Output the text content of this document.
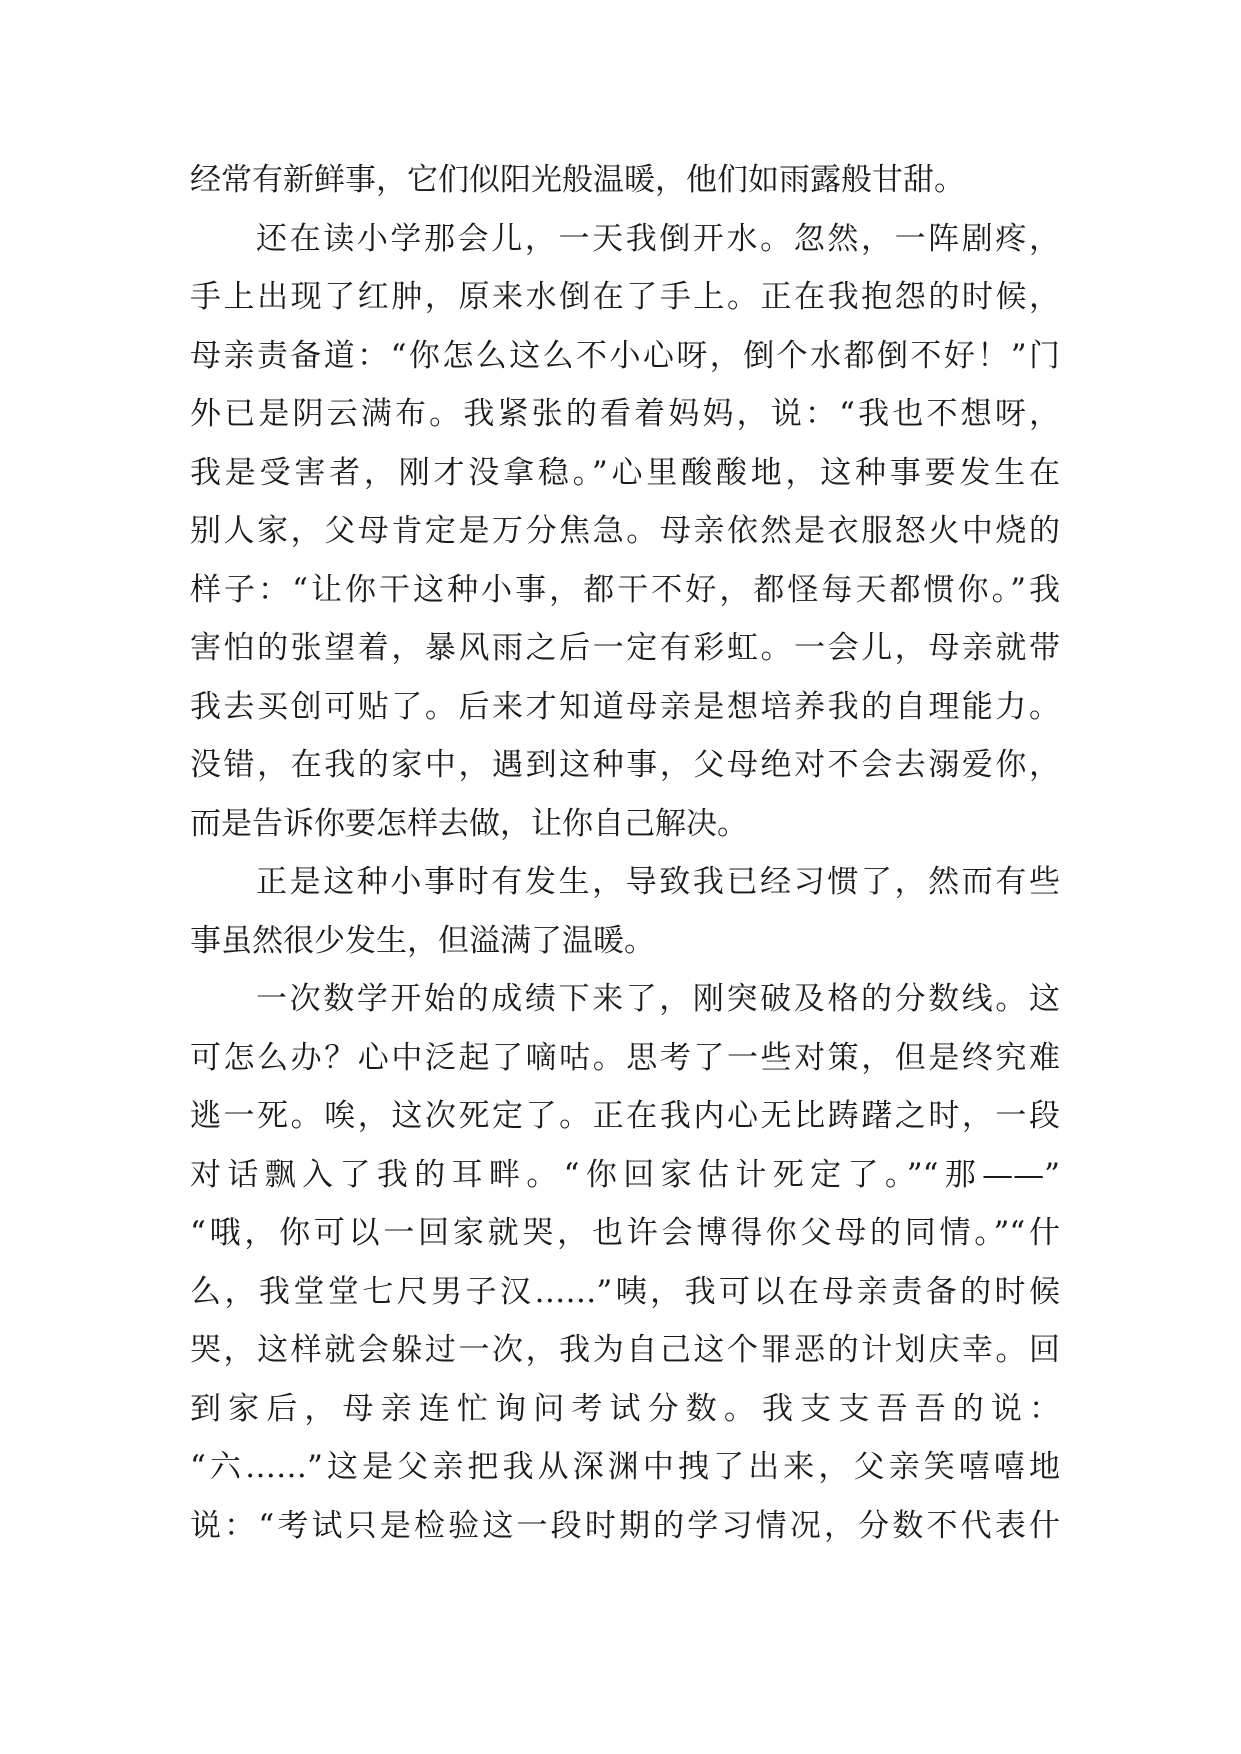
经常有新鲜事，它们似阳光般温暖，他们如雨露般甘甜。
还在读小学那会儿，一天我倒开水。忽然，一阵剧疼，
手上出现了红肿，原来水倒在了手上。正在我抱怨的时候，
母亲责备道：“你怎么这么不小心呀，倒个水都倒不好！”门
外已是阴云满布。我紧张的看着妈妈，说：“我也不想呀，
我是受害者，刚才没拿稳。”心里酸酸地，这种事要发生在
别人家，父母肯定是万分焦急。母亲依然是衣服怒火中烧的
样子：“让你干这种小事，都干不好，都怪每天都惯你。”我
害怕的张望着，暴风雨之后一定有彩虹。一会儿，母亲就带
我去买创可贴了。后来才知道母亲是想培养我的自理能力。
没错，在我的家中，遇到这种事，父母绝对不会去溺爱你，
而是告诉你要怎样去做，让你自己解决。
正是这种小事时有发生，导致我已经习惯了，然而有些
事虽然很少发生，但溢满了温暖。
一次数学开始的成绩下来了，刚突破及格的分数线。这
可怎么办？心中泛起了嘀咕。思考了一些对策，但是终究难
逃一死。唉，这次死定了。正在我内心无比踌躇之时，一段
对话飘入了我的耳畔。“你回家估计死定了。”“那——”
“哦，你可以一回家就哭，也许会博得你父母的同情。”“什
么，我堂堂七尺男子汉……”咦，我可以在母亲责备的时候
哭，这样就会躲过一次，我为自己这个罪恶的计划庆幸。回
到家后，母亲连忙询问考试分数。我支支吾吾的说：
“六……”这是父亲把我从深渊中拽了出来，父亲笑嘻嘻地
说：“考试只是检验这一段时期的学习情况，分数不代表什
